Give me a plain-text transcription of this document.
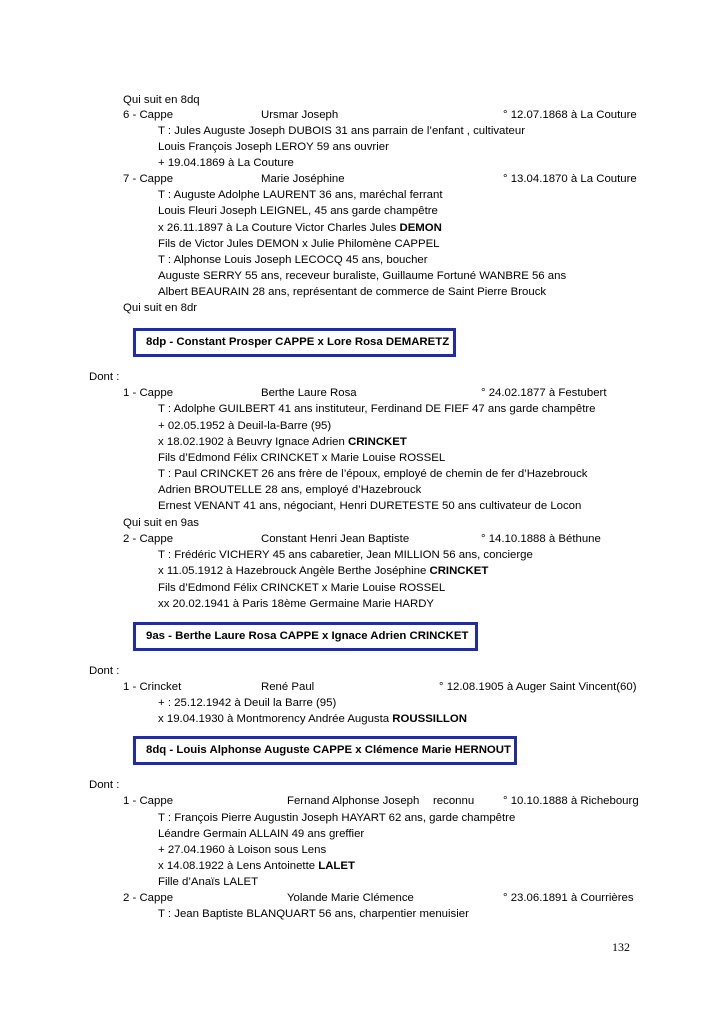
Qui suit en 8dq
6 - Cappe	Ursmar Joseph	° 12.07.1868 à La Couture
T : Jules Auguste Joseph DUBOIS 31 ans parrain de l’enfant , cultivateur
Louis François Joseph LEROY 59 ans ouvrier
+ 19.04.1869 à La Couture
7 - Cappe	Marie Joséphine	° 13.04.1870 à La Couture
T : Auguste Adolphe LAURENT 36 ans, maréchal ferrant
Louis Fleuri Joseph LEIGNEL, 45 ans garde champêtre
x 26.11.1897 à La Couture Victor Charles Jules DEMON
Fils de Victor Jules DEMON x Julie Philomène CAPPEL
T : Alphonse Louis Joseph LECOCQ 45 ans, boucher
Auguste SERRY 55 ans, receveur buraliste, Guillaume Fortuné WANBRE 56 ans
Albert BEAURAIN 28 ans, représentant de commerce de Saint Pierre Brouck
Qui suit en 8dr
8dp - Constant Prosper CAPPE x Lore Rosa DEMARETZ
Dont :
1 - Cappe	Berthe Laure Rosa	° 24.02.1877 à Festubert
T : Adolphe GUILBERT 41 ans instituteur, Ferdinand DE FIEF 47 ans garde champêtre
+ 02.05.1952 à Deuil-la-Barre (95)
x 18.02.1902 à Beuvry Ignace Adrien CRINCKET
Fils d’Edmond Félix CRINCKET x Marie Louise ROSSEL
T : Paul CRINCKET 26 ans frère de l’époux, employé de chemin de fer d’Hazebrouck
Adrien BROUTELLE 28 ans, employé d’Hazebrouck
Ernest VENANT 41 ans, négociant, Henri DURETESTE 50 ans cultivateur de Locon
Qui suit en 9as
2 - Cappe	Constant Henri Jean Baptiste	° 14.10.1888 à Béthune
T : Frédéric VICHERY 45 ans cabaretier, Jean MILLION 56 ans, concierge
x 11.05.1912 à Hazebrouck Angèle Berthe Joséphine CRINCKET
Fils d’Edmond Félix CRINCKET x Marie Louise ROSSEL
xx 20.02.1941 à Paris 18ème Germaine Marie HARDY
9as - Berthe Laure Rosa CAPPE x Ignace Adrien CRINCKET
Dont :
1 - Crincket	René Paul	° 12.08.1905 à Auger Saint Vincent(60)
+ : 25.12.1942 à Deuil la Barre (95)
x 19.04.1930 à Montmorency Andrée Augusta ROUSSILLON
8dq - Louis Alphonse Auguste CAPPE x Clémence Marie HERNOUT
Dont :
1 - Cappe	Fernand Alphonse Joseph reconnu	° 10.10.1888 à Richebourg
T : François Pierre Augustin Joseph HAYART 62 ans, garde champêtre
Léandre Germain ALLAIN 49 ans greffier
+ 27.04.1960 à Loison sous Lens
x 14.08.1922 à Lens Antoinette LALET
Fille d’Anaïs LALET
2 - Cappe	Yolande Marie Clémence	° 23.06.1891 à Courrières
T : Jean Baptiste BLANQUART 56 ans, charpentier menuisier
132
